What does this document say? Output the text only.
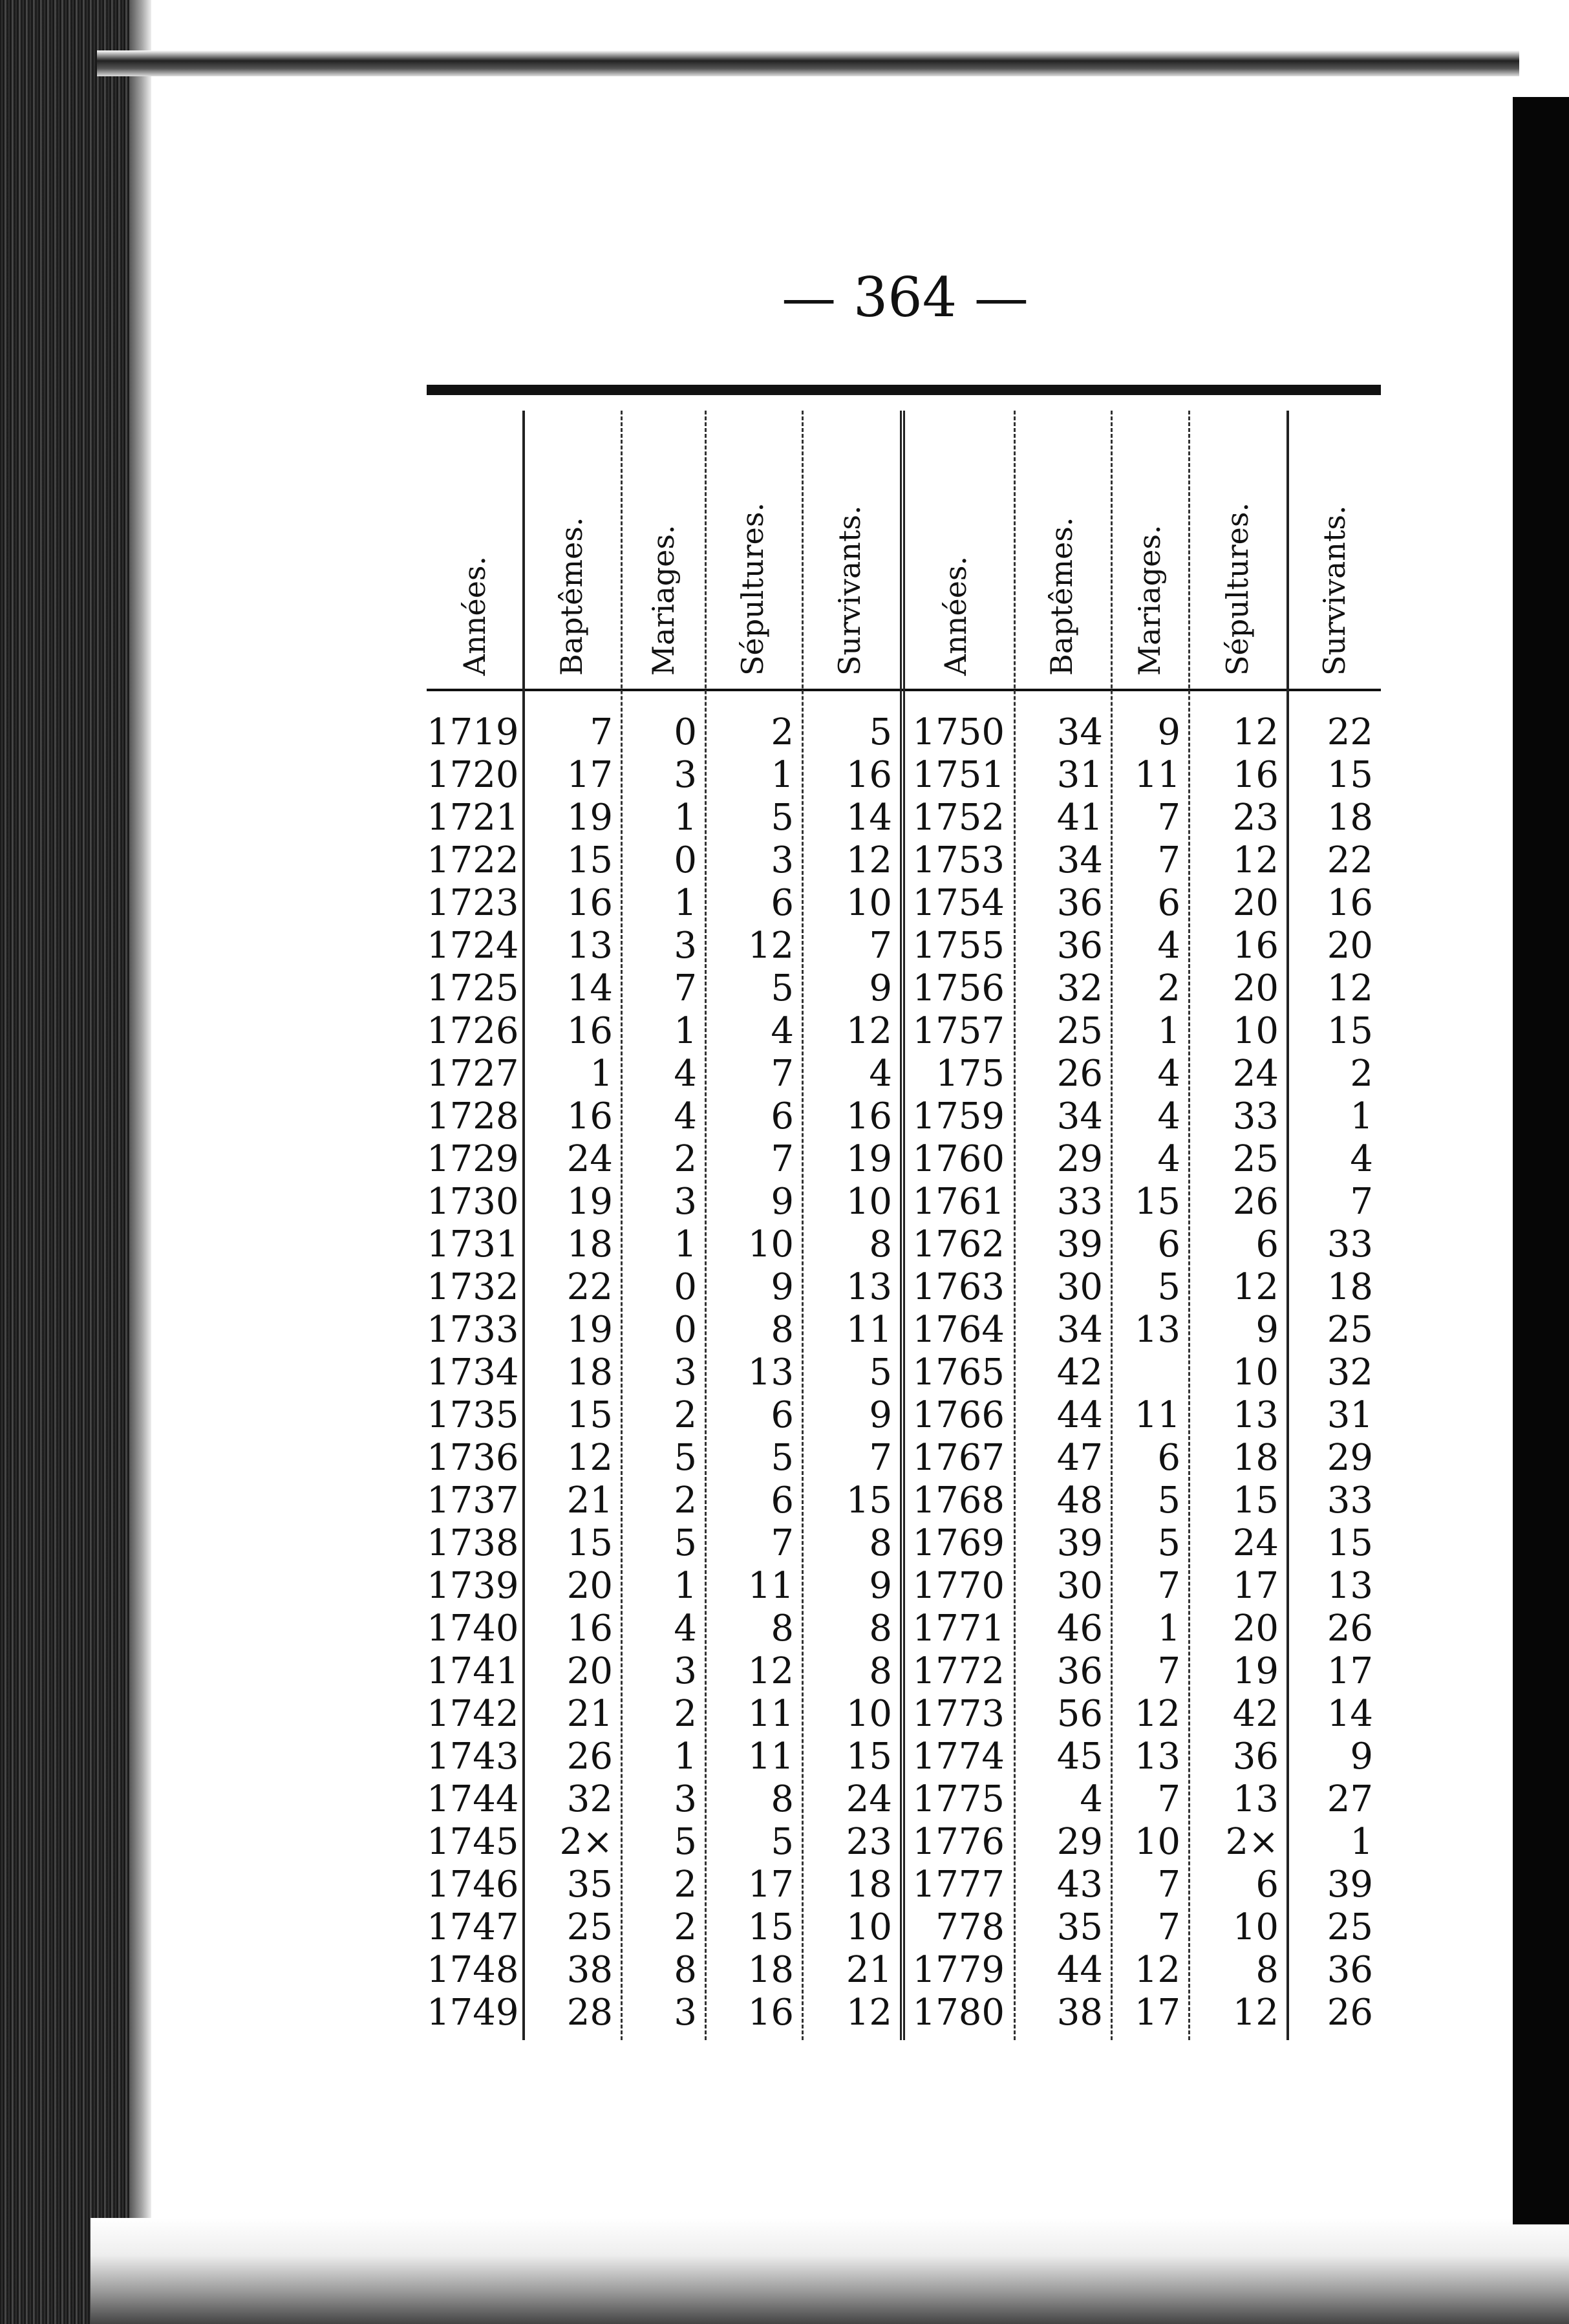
— 364 —
Années. Baptêmes. Mariages. Sépultures. Survivants. Années. Baptêmes. Mariages. Sépultures. Survivants.
1719
1720
1721
1722
1723
1724
1725
1726
1727
1728
1729
1730
1731
1732
1733
1734
1735
1736
1737
1738
1739
1740
1741
1742
1743
1744
1745
1746
1747
1748
1749
7
17
19
15
16
13
14
16
1
16
24
19
18
22
19
18
15
12
21
15
20
16
20
21
26
32
2×
35
25
38
28
0
3
1
0
1
3
7
1
4
4
2
3
1
0
0
3
2
5
2
5
1
4
3
2
1
3
5
2
2
8
3
2
1
5
3
6
12
5
4
7
6
7
9
10
9
8
13
6
5
6
7
11
8
12
11
11
8
5
17
15
18
16
5
16
14
12
10
7
9
12
4
16
19
10
8
13
11
5
9
7
15
8
9
8
8
10
15
24
23
18
10
21
12
1750
1751
1752
1753
1754
1755
1756
1757
175
1759
1760
1761
1762
1763
1764
1765
1766
1767
1768
1769
1770
1771
1772
1773
1774
1775
1776
1777
778
1779
1780
34
31
41
34
36
36
32
25
26
34
29
33
39
30
34
42
44
47
48
39
30
46
36
56
45
4
29
43
35
44
38
9
11
7
7
6
4
2
1
4
4
4
15
6
5
13
11
6
5
5
7
1
7
12
13
7
10
7
7
12
17
12
16
23
12
20
16
20
10
24
33
25
26
6
12
9
10
13
18
15
24
17
20
19
42
36
13
2×
6
10
8
12
22
15
18
22
16
20
12
15
2
1
4
7
33
18
25
32
31
29
33
15
13
26
17
14
9
27
1
39
25
36
26
